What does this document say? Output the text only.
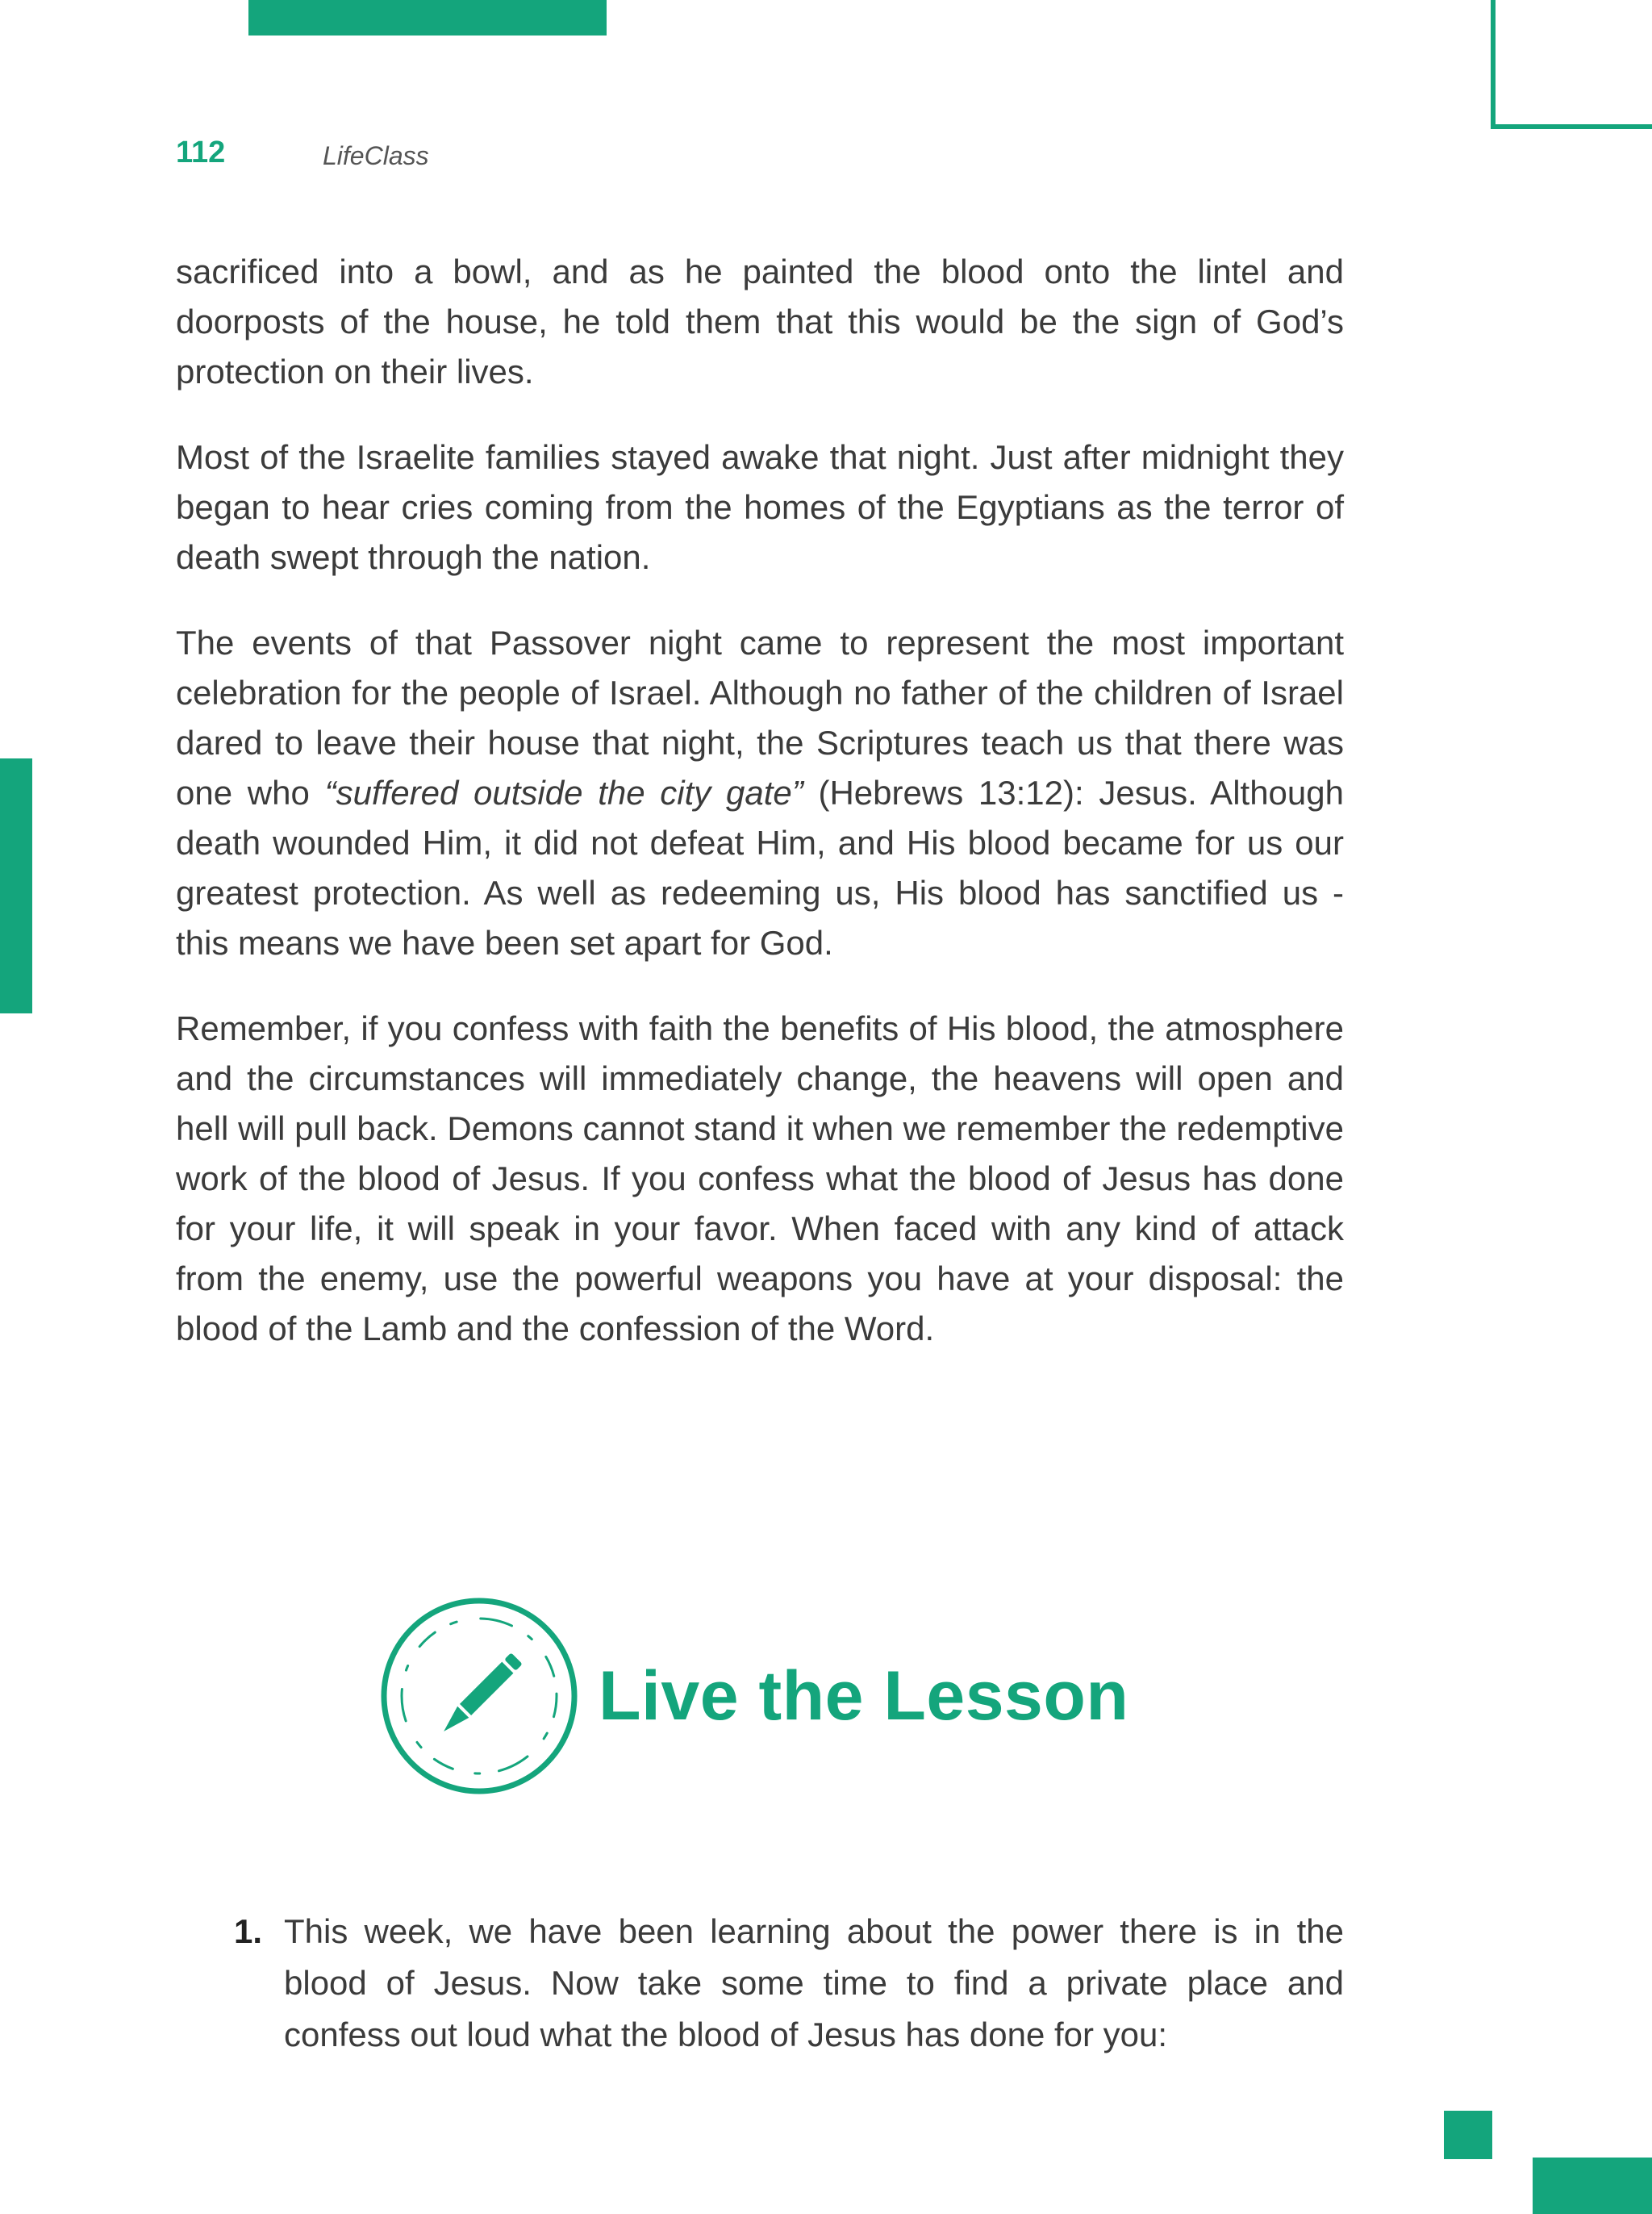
112	LifeClass

sacrificed into a bowl, and as he painted the blood onto the lintel and doorposts of the house, he told them that this would be the sign of God’s protection on their lives.

Most of the Israelite families stayed awake that night. Just after midnight they began to hear cries coming from the homes of the Egyptians as the terror of death swept through the nation.

The events of that Passover night came to represent the most important celebration for the people of Israel. Although no father of the children of Israel dared to leave their house that night, the Scriptures teach us that there was one who “suffered outside the city gate” (Hebrews 13:12): Jesus. Although death wounded Him, it did not defeat Him, and His blood became for us our greatest protection. As well as redeeming us, His blood has sanctified us - this means we have been set apart for God.

Remember, if you confess with faith the benefits of His blood, the atmosphere and the circumstances will immediately change, the heavens will open and hell will pull back. Demons cannot stand it when we remember the redemptive work of the blood of Jesus. If you confess what the blood of Jesus has done for your life, it will speak in your favor. When faced with any kind of attack from the enemy, use the powerful weapons you have at your disposal: the blood of the Lamb and the confession of the Word.

Live the Lesson
1. This week, we have been learning about the power there is in the blood of Jesus. Now take some time to find a private place and confess out loud what the blood of Jesus has done for you:
